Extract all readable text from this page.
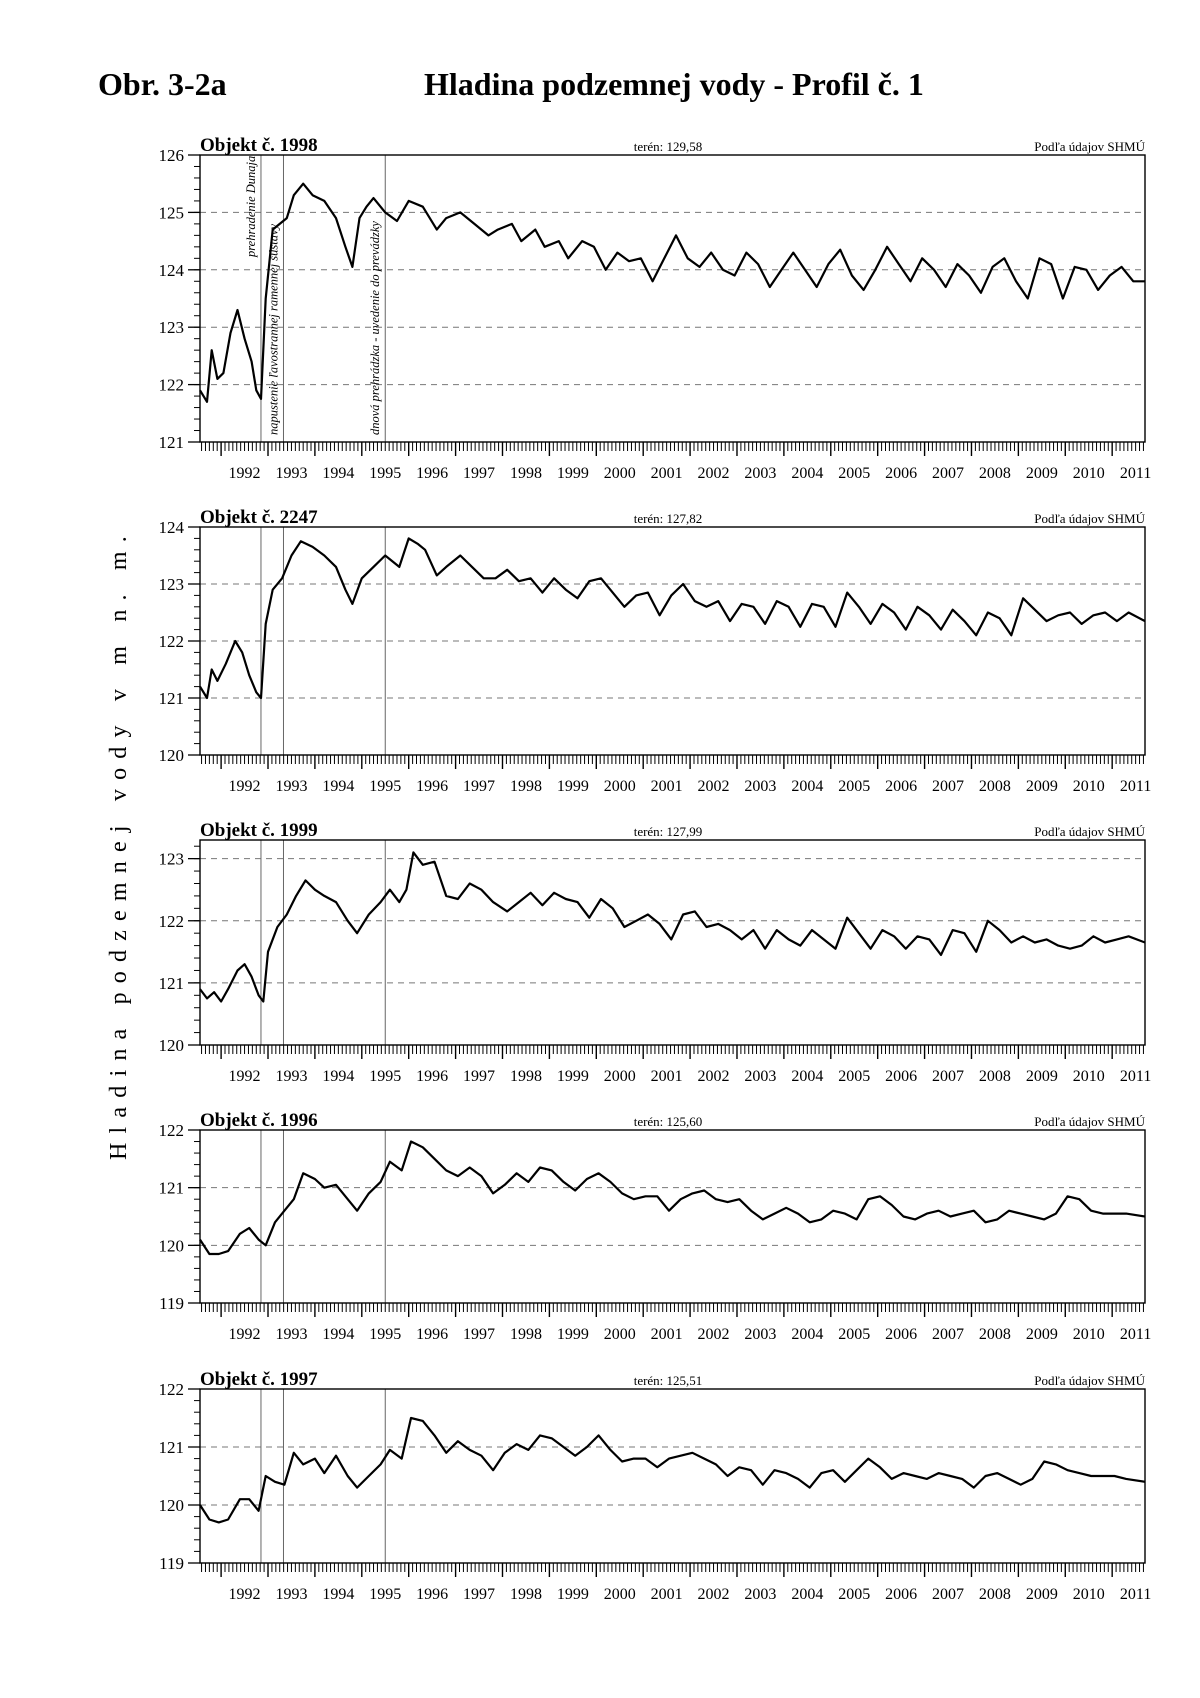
Obr. 3-2a	Hladina podzemnej vody - Profil č. 1
Hladina podzemnej vody v m n. m.
121
122
123
124
125
126
1992 1993 1994 1995 1996 1997 1998 1999 2000 2001 2002 2003 2004 2005 2006 2007 2008 2009 2010 2011
prehradenie Dunaja
napustenie ľavostrannej ramennej sústavy	dnová prehrádzka - uvedenie do prevádzky
Objekt č. 1998	terén: 129,58	Podľa údajov SHMÚ
120
121
122
123
124
1992 1993 1994 1995 1996 1997 1998 1999 2000 2001 2002 2003 2004 2005 2006 2007 2008 2009 2010 2011
Objekt č. 2247	terén: 127,82	Podľa údajov SHMÚ
120
121
122
123
1992 1993 1994 1995 1996 1997 1998 1999 2000 2001 2002 2003 2004 2005 2006 2007 2008 2009 2010 2011
Objekt č. 1999	terén: 127,99	Podľa údajov SHMÚ
119
120
121
122
1992 1993 1994 1995 1996 1997 1998 1999 2000 2001 2002 2003 2004 2005 2006 2007 2008 2009 2010 2011
Objekt č. 1996	terén: 125,60	Podľa údajov SHMÚ
119
120
121
122
1992 1993 1994 1995 1996 1997 1998 1999 2000 2001 2002 2003 2004 2005 2006 2007 2008 2009 2010 2011
Objekt č. 1997	terén: 125,51	Podľa údajov SHMÚ
